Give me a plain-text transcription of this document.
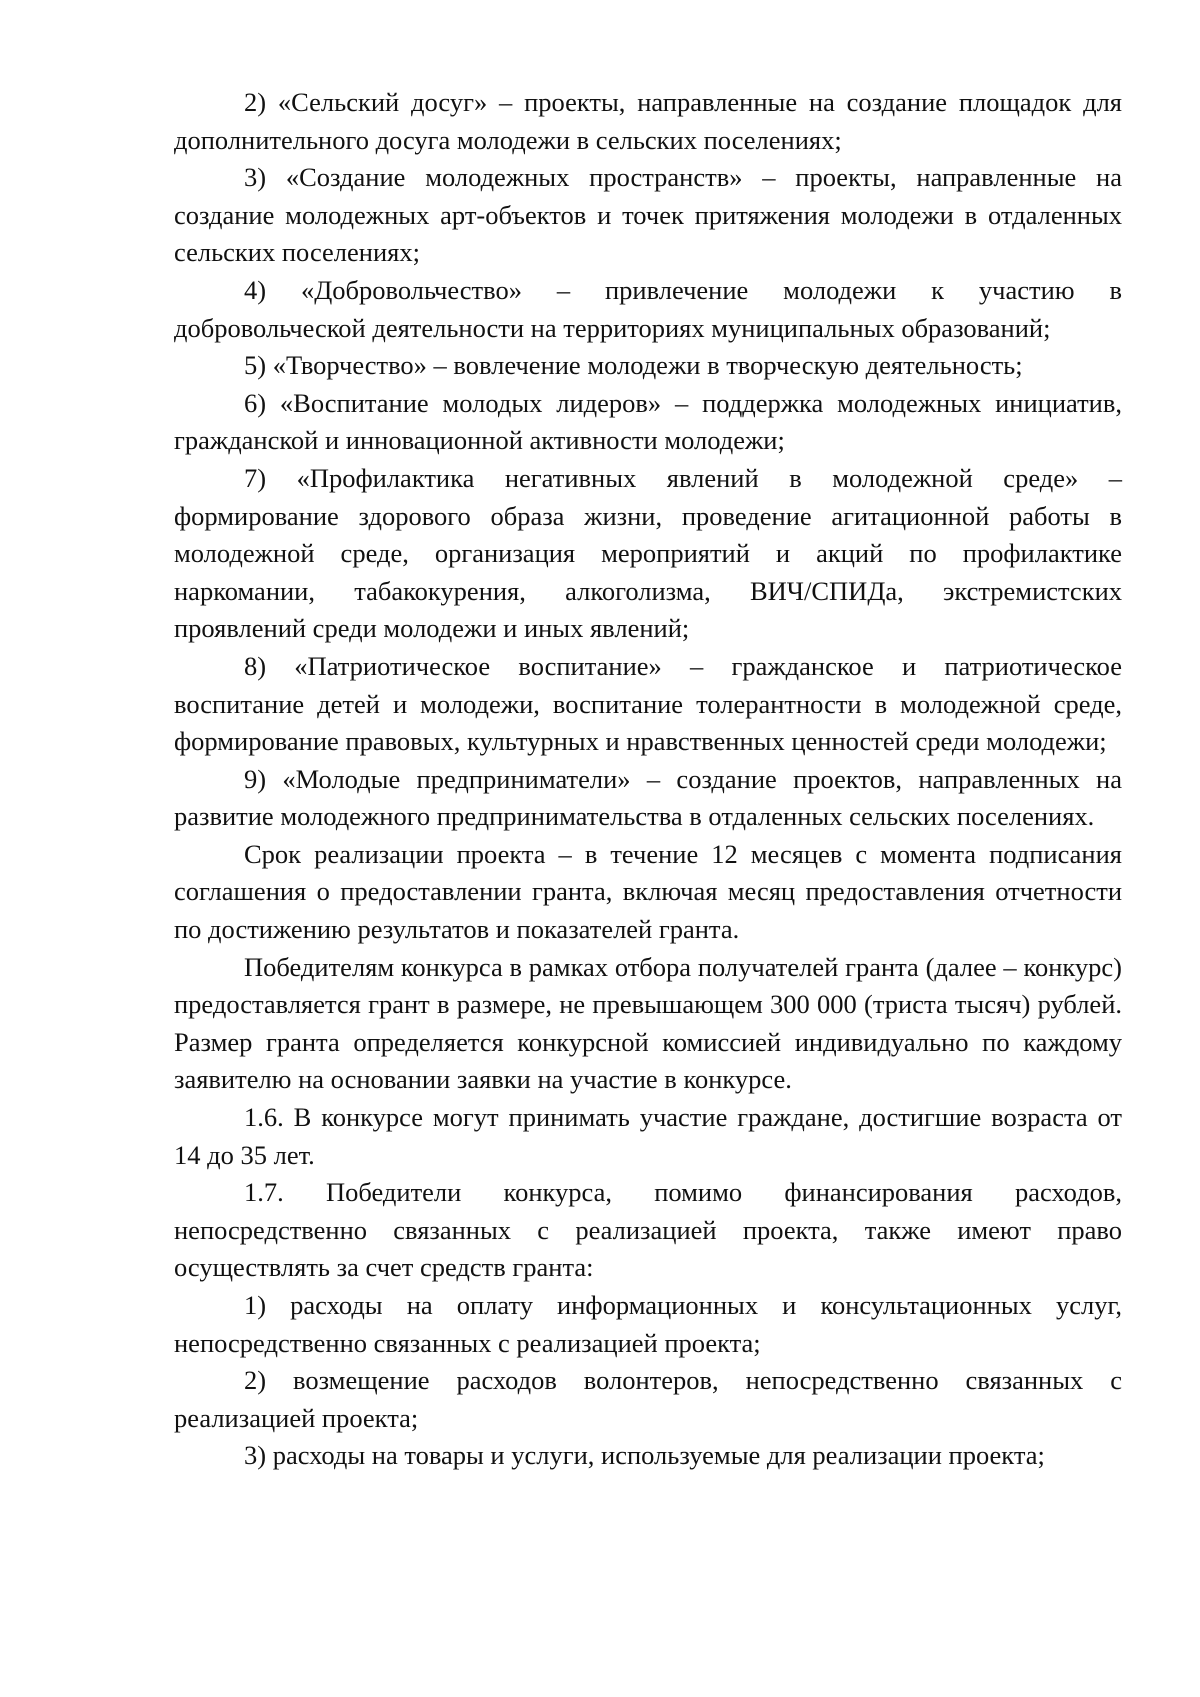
2) «Сельский досуг» – проекты, направленные на создание площадок для дополнительного досуга молодежи в сельских поселениях;

3) «Создание молодежных пространств» – проекты, направленные на создание молодежных арт-объектов и точек притяжения молодежи в отдаленных сельских поселениях;

4) «Добровольчество» – привлечение молодежи к участию в добровольческой деятельности на территориях муниципальных образований;

5) «Творчество» – вовлечение молодежи в творческую деятельность;

6) «Воспитание молодых лидеров» – поддержка молодежных инициатив, гражданской и инновационной активности молодежи;

7) «Профилактика негативных явлений в молодежной среде» – формирование здорового образа жизни, проведение агитационной работы в молодежной среде, организация мероприятий и акций по профилактике наркомании, табакокурения, алкоголизма, ВИЧ/СПИДа, экстремистских проявлений среди молодежи и иных явлений;

8) «Патриотическое воспитание» – гражданское и патриотическое воспитание детей и молодежи, воспитание толерантности в молодежной среде, формирование правовых, культурных и нравственных ценностей среди молодежи;

9) «Молодые предприниматели» – создание проектов, направленных на развитие молодежного предпринимательства в отдаленных сельских поселениях.

Срок реализации проекта – в течение 12 месяцев с момента подписания соглашения о предоставлении гранта, включая месяц предоставления отчетности по достижению результатов и показателей гранта.

Победителям конкурса в рамках отбора получателей гранта (далее – конкурс) предоставляется грант в размере, не превышающем 300 000 (триста тысяч) рублей. Размер гранта определяется конкурсной комиссией индивидуально по каждому заявителю на основании заявки на участие в конкурсе.

1.6. В конкурсе могут принимать участие граждане, достигшие возраста от 14 до 35 лет.

1.7. Победители конкурса, помимо финансирования расходов, непосредственно связанных с реализацией проекта, также имеют право осуществлять за счет средств гранта:

1) расходы на оплату информационных и консультационных услуг, непосредственно связанных с реализацией проекта;

2) возмещение расходов волонтеров, непосредственно связанных с реализацией проекта;

3) расходы на товары и услуги, используемые для реализации проекта;
